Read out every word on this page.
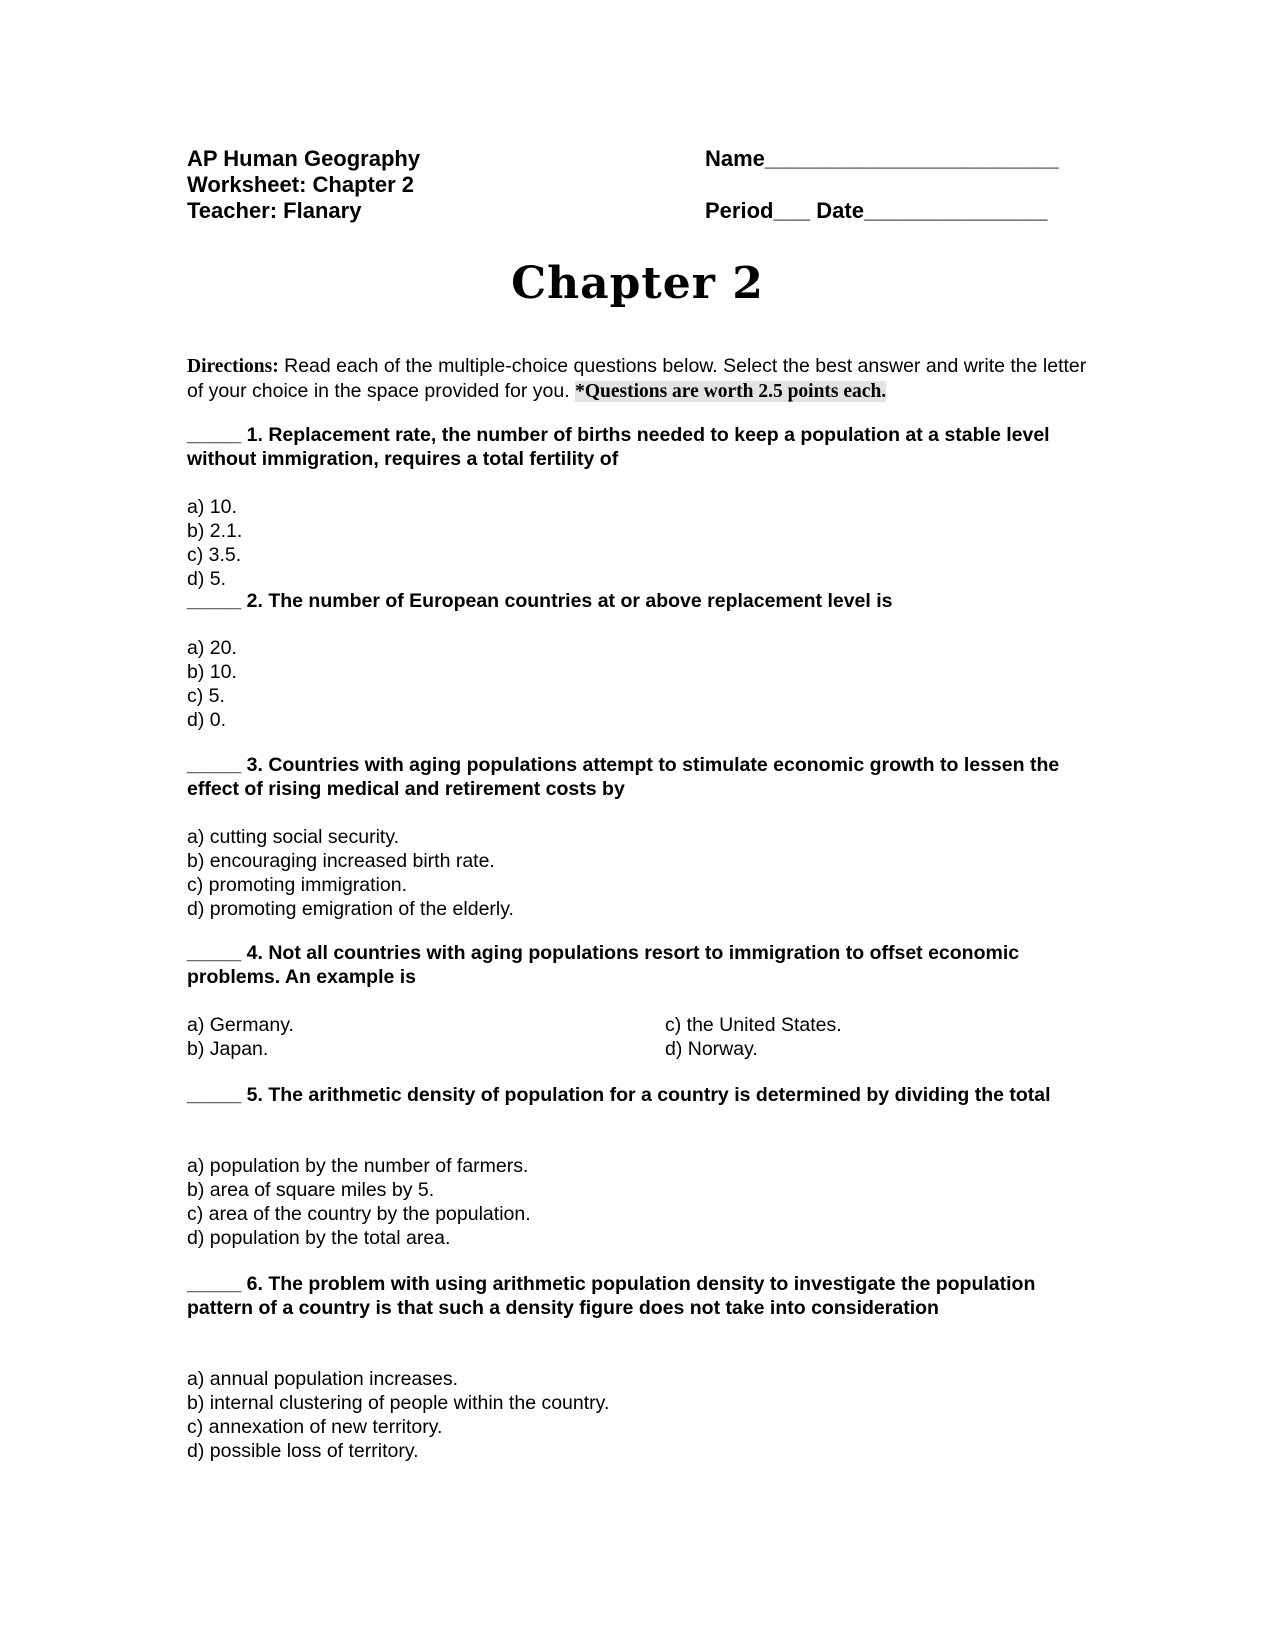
AP Human Geography
Worksheet: Chapter 2
Teacher: Flanary
Name________________________
Period___ Date_______________
Chapter 2
Directions: Read each of the multiple-choice questions below. Select the best answer and write the letter of your choice in the space provided for you. *Questions are worth 2.5 points each.
_____ 1. Replacement rate, the number of births needed to keep a population at a stable level without immigration, requires a total fertility of
a) 10.
b) 2.1.
c) 3.5.
d) 5.
_____ 2. The number of European countries at or above replacement level is
a) 20.
b) 10.
c) 5.
d) 0.
_____ 3. Countries with aging populations attempt to stimulate economic growth to lessen the effect of rising medical and retirement costs by
a) cutting social security.
b) encouraging increased birth rate.
c) promoting immigration.
d) promoting emigration of the elderly.
_____ 4. Not all countries with aging populations resort to immigration to offset economic problems. An example is
a) Germany.
b) Japan.
c) the United States.
d) Norway.
_____ 5. The arithmetic density of population for a country is determined by dividing the total
a) population by the number of farmers.
b) area of square miles by 5.
c) area of the country by the population.
d) population by the total area.
_____ 6. The problem with using arithmetic population density to investigate the population pattern of a country is that such a density figure does not take into consideration
a) annual population increases.
b) internal clustering of people within the country.
c) annexation of new territory.
d) possible loss of territory.
